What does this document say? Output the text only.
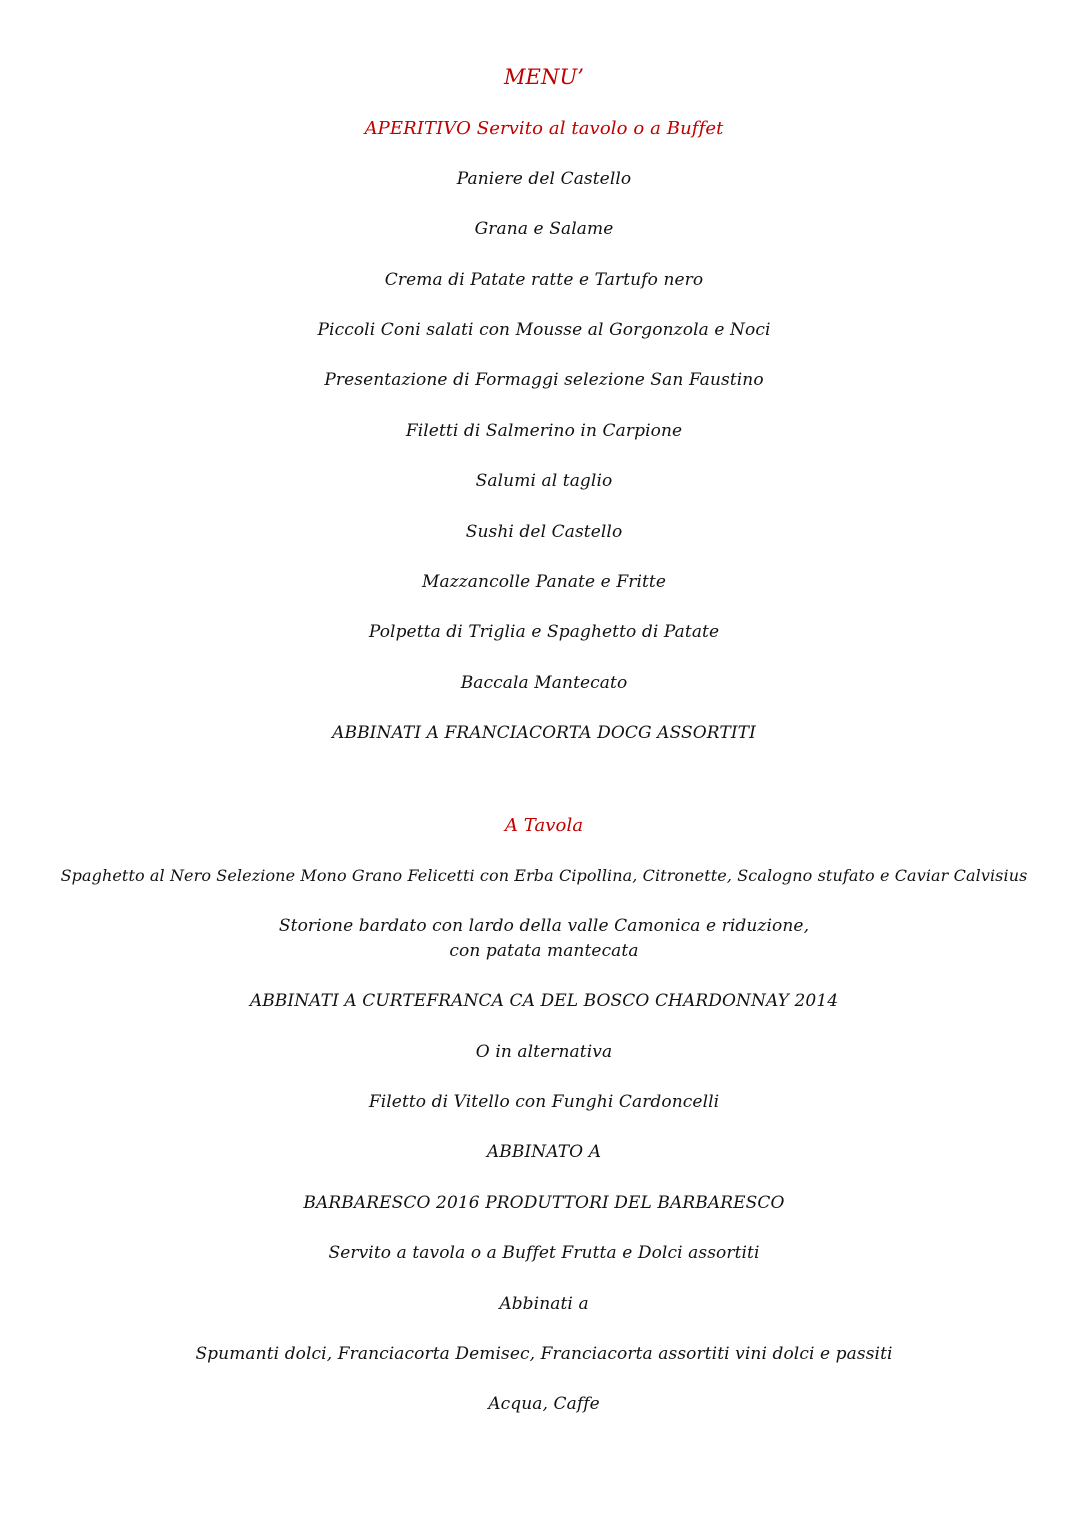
MENU’
APERITIVO Servito al tavolo o a Buffet
Paniere del Castello
Grana e Salame
Crema di Patate ratte e Tartufo nero
Piccoli Coni salati con Mousse al Gorgonzola e Noci
Presentazione di Formaggi selezione San Faustino
Filetti di Salmerino in Carpione
Salumi al taglio
Sushi del Castello
Mazzancolle Panate e Fritte
Polpetta di Triglia e Spaghetto di Patate
Baccala Mantecato
ABBINATI A FRANCIACORTA DOCG ASSORTITI
A Tavola
Spaghetto al Nero Selezione Mono Grano Felicetti con Erba Cipollina, Citronette, Scalogno stufato e Caviar Calvisius
Storione bardato con lardo della valle Camonica e riduzione,
con patata mantecata
ABBINATI A CURTEFRANCA CA DEL BOSCO CHARDONNAY 2014
O in alternativa
Filetto di Vitello con Funghi Cardoncelli
ABBINATO A
BARBARESCO 2016 PRODUTTORI DEL BARBARESCO
Servito a tavola o a Buffet Frutta e Dolci assortiti
Abbinati a
Spumanti dolci, Franciacorta Demisec, Franciacorta assortiti vini dolci e passiti
Acqua, Caffe
